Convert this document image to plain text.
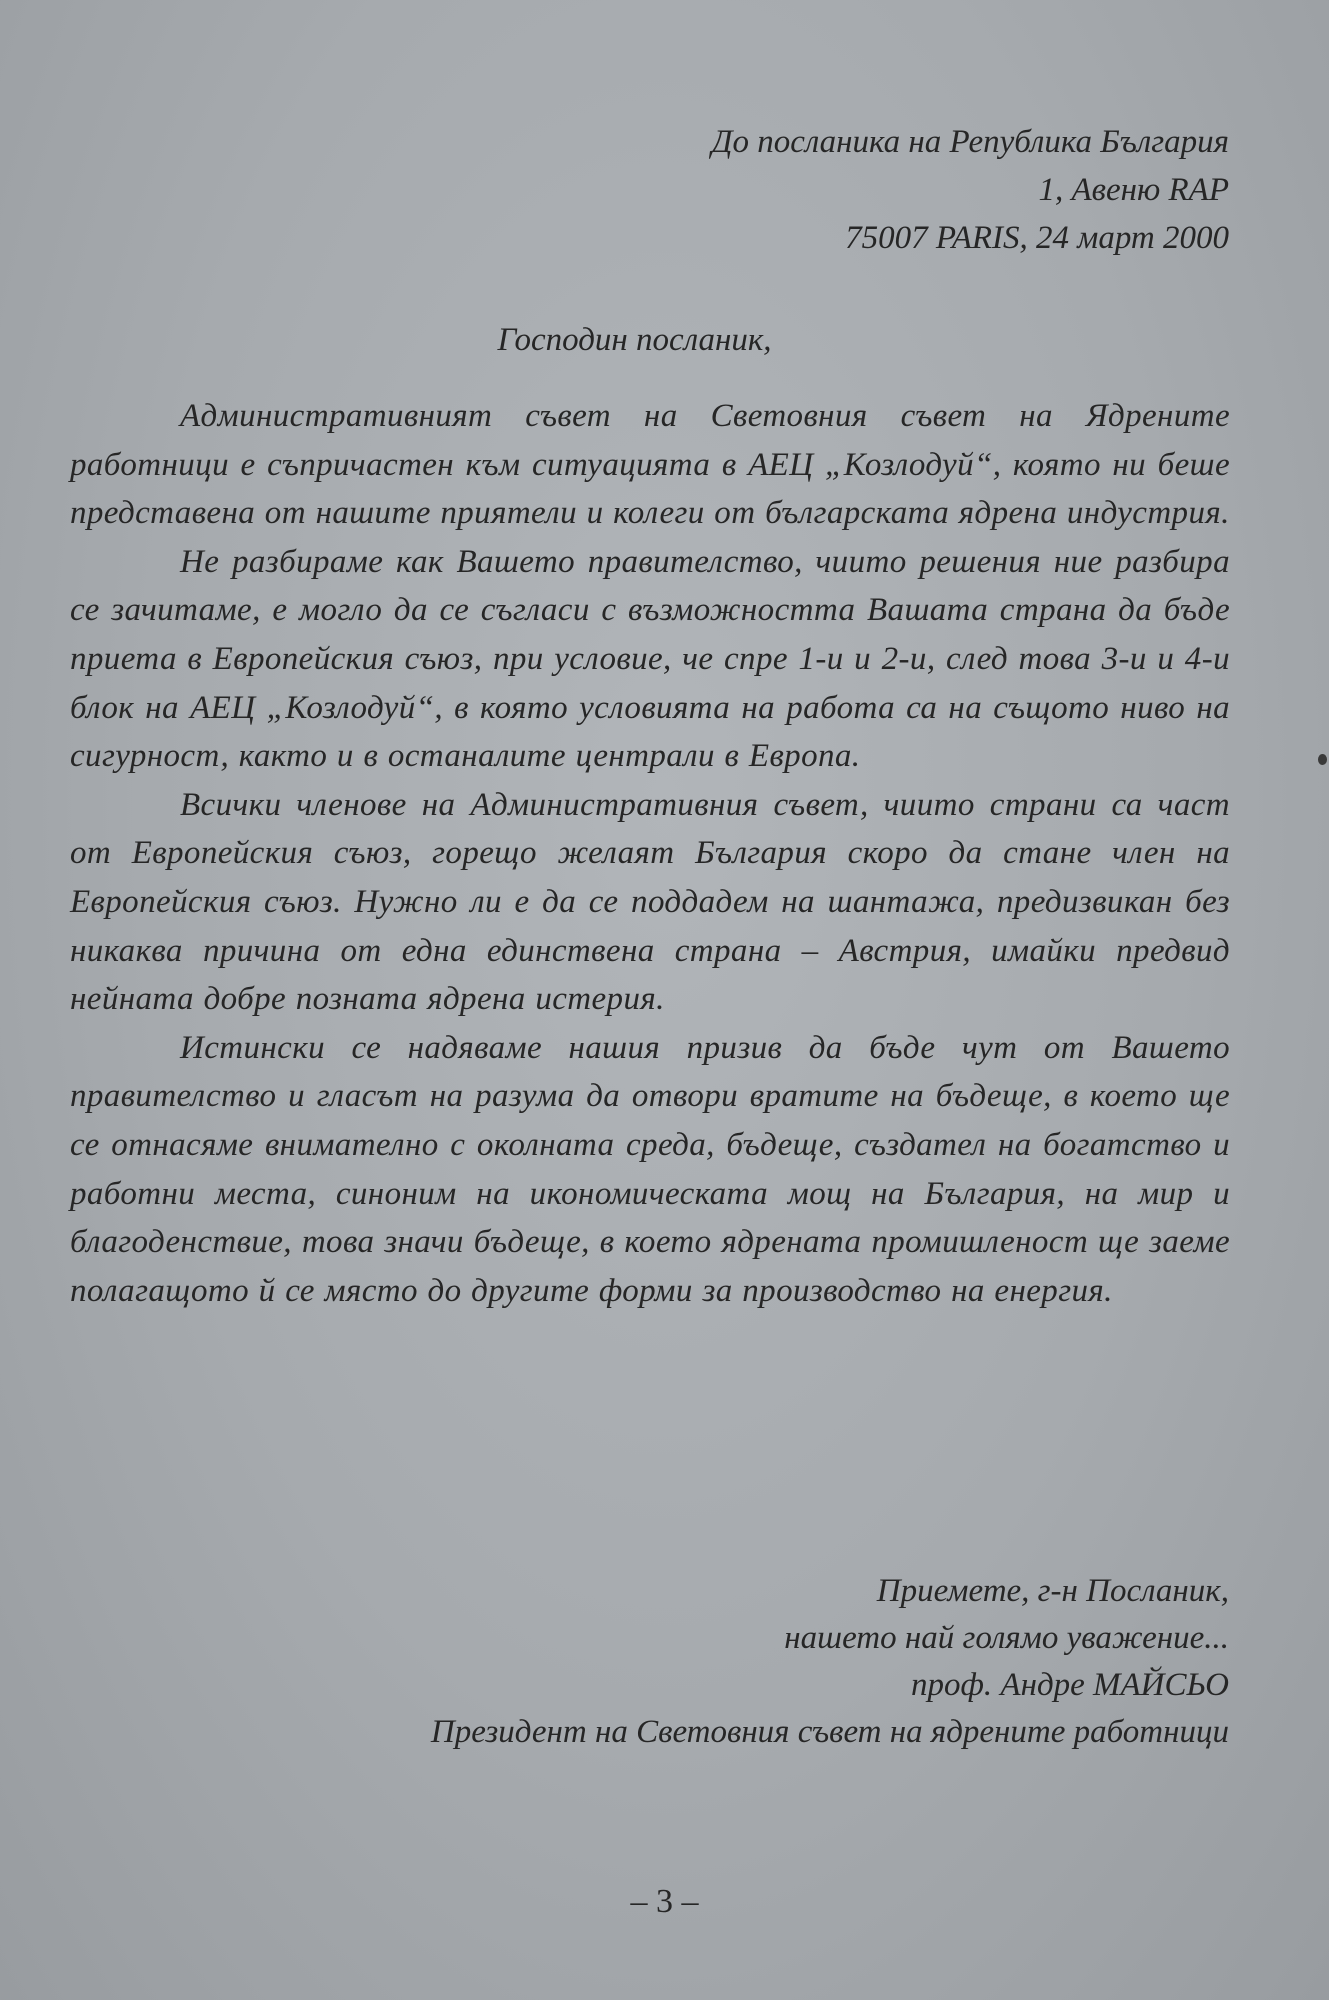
До посланика на Република България
1, Авеню RAP
75007 PARIS, 24 март 2000
Господин посланик,

Административният съвет на Световния съвет на Ядрените работници е съпричастен към ситуацията в АЕЦ „Козлодуй“, която ни беше представена от нашите приятели и колеги от българската ядрена индустрия.

Не разбираме как Вашето правителство, чиито решения ние разбира се зачитаме, е могло да се съгласи с възможността Вашата страна да бъде приета в Европейския съюз, при условие, че спре 1-и и 2-и, след това 3-и и 4-и блок на АЕЦ „Козлодуй“, в която условията на работа са на същото ниво на сигурност, както и в останалите централи в Европа.

Всички членове на Административния съвет, чиито страни са част от Европейския съюз, горещо желаят България скоро да стане член на Европейския съюз. Нужно ли е да се поддадем на шантажа, предизвикан без никаква причина от една единствена страна – Австрия, имайки предвид нейната добре позната ядрена истерия.

Истински се надяваме нашия призив да бъде чут от Вашето правителство и гласът на разума да отвори вратите на бъдеще, в което ще се отнасяме внимателно с околната среда, бъдеще, създател на богатство и работни места, синоним на икономическата мощ на България, на мир и благоденствие, това значи бъдеще, в което ядрената промишленост ще заеме полагащото й се място до другите форми за производство на енергия.

Приемете, г-н Посланик,
нашето най голямо уважение...
проф. Андре МАЙСЬО
Президент на Световния съвет на ядрените работници
– 3 –
